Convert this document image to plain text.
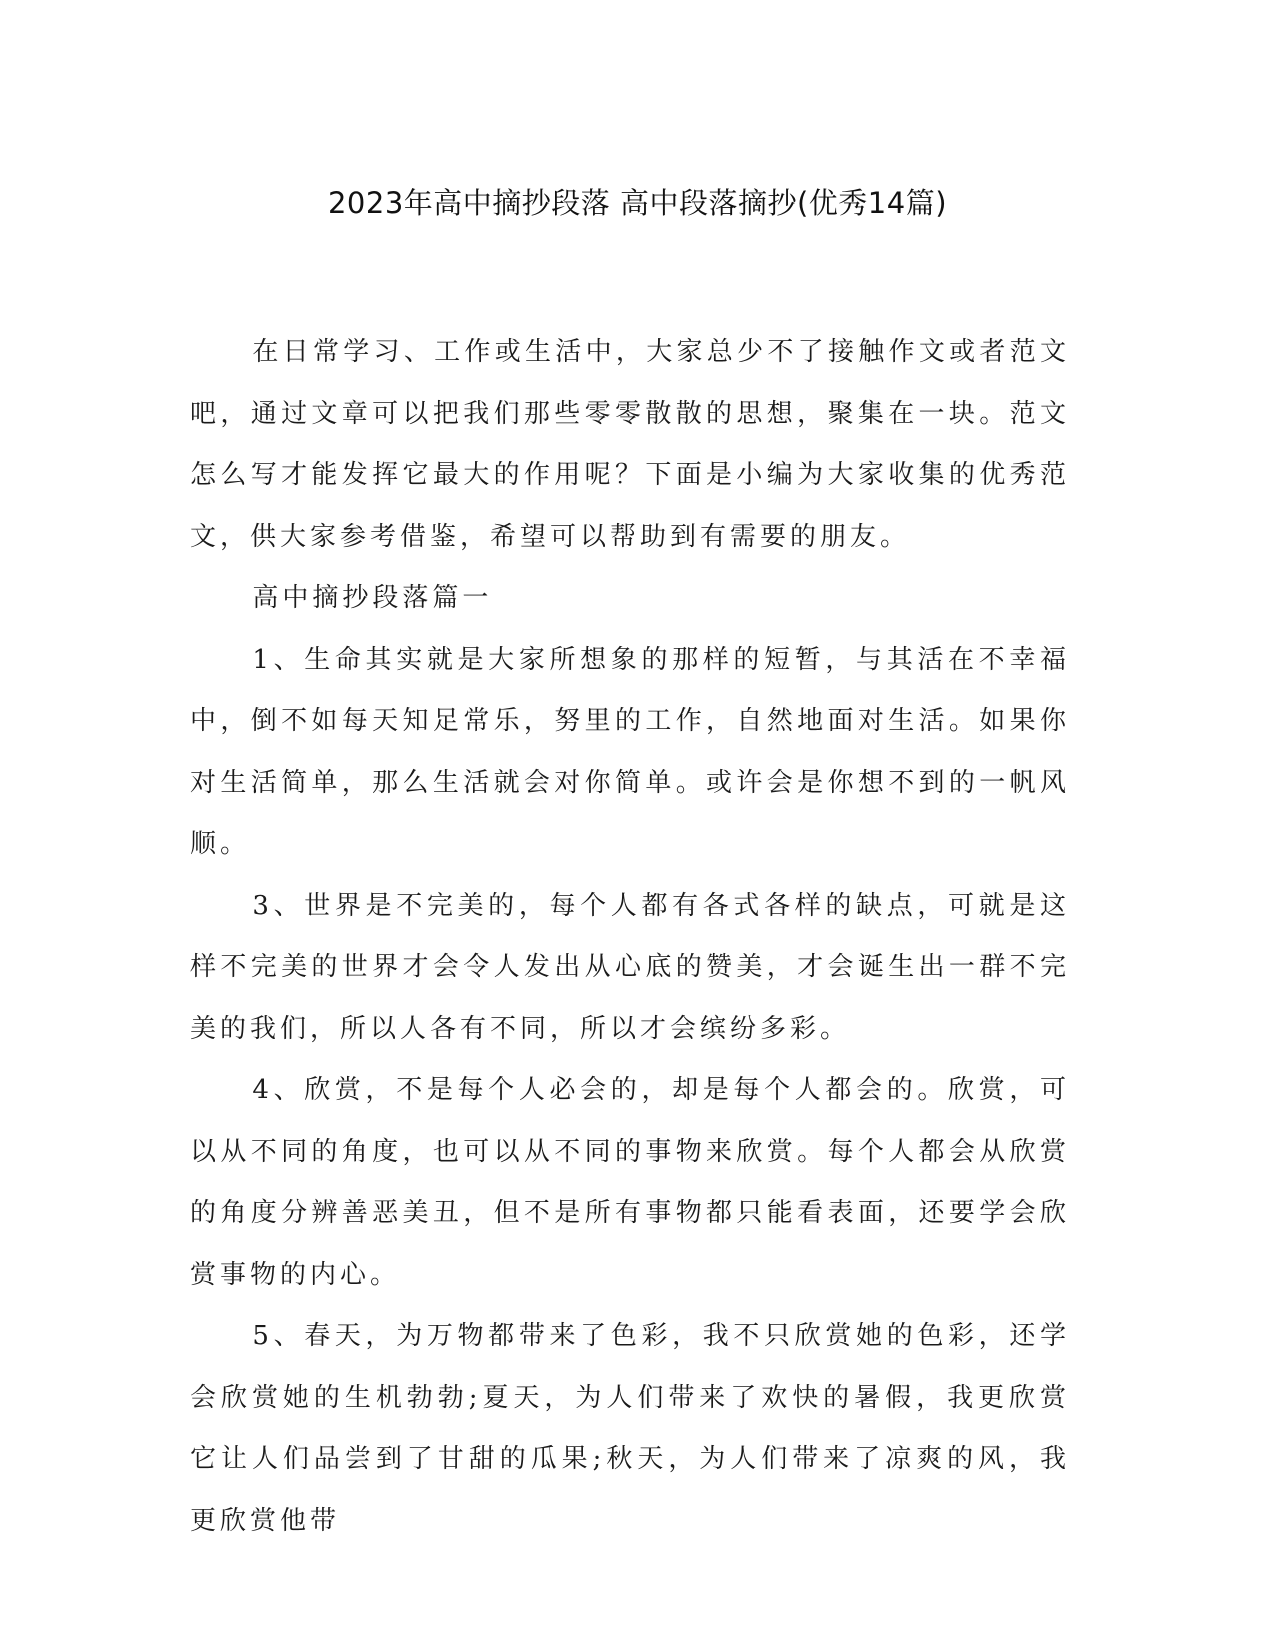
2023年高中摘抄段落 高中段落摘抄(优秀14篇)

在日常学习、工作或生活中，大家总少不了接触作文或者范文吧，通过文章可以把我们那些零零散散的思想，聚集在一块。范文怎么写才能发挥它最大的作用呢？下面是小编为大家收集的优秀范文，供大家参考借鉴，希望可以帮助到有需要的朋友。

高中摘抄段落篇一

1、生命其实就是大家所想象的那样的短暂，与其活在不幸福中，倒不如每天知足常乐，努里的工作，自然地面对生活。如果你对生活简单，那么生活就会对你简单。或许会是你想不到的一帆风顺。

3、世界是不完美的，每个人都有各式各样的缺点，可就是这样不完美的世界才会令人发出从心底的赞美，才会诞生出一群不完美的我们，所以人各有不同，所以才会缤纷多彩。

4、欣赏，不是每个人必会的，却是每个人都会的。欣赏，可以从不同的角度，也可以从不同的事物来欣赏。每个人都会从欣赏的角度分辨善恶美丑，但不是所有事物都只能看表面，还要学会欣赏事物的内心。

5、春天，为万物都带来了色彩，我不只欣赏她的色彩，还学会欣赏她的生机勃勃;夏天，为人们带来了欢快的暑假，我更欣赏它让人们品尝到了甘甜的瓜果;秋天，为人们带来了凉爽的风，我更欣赏他带
